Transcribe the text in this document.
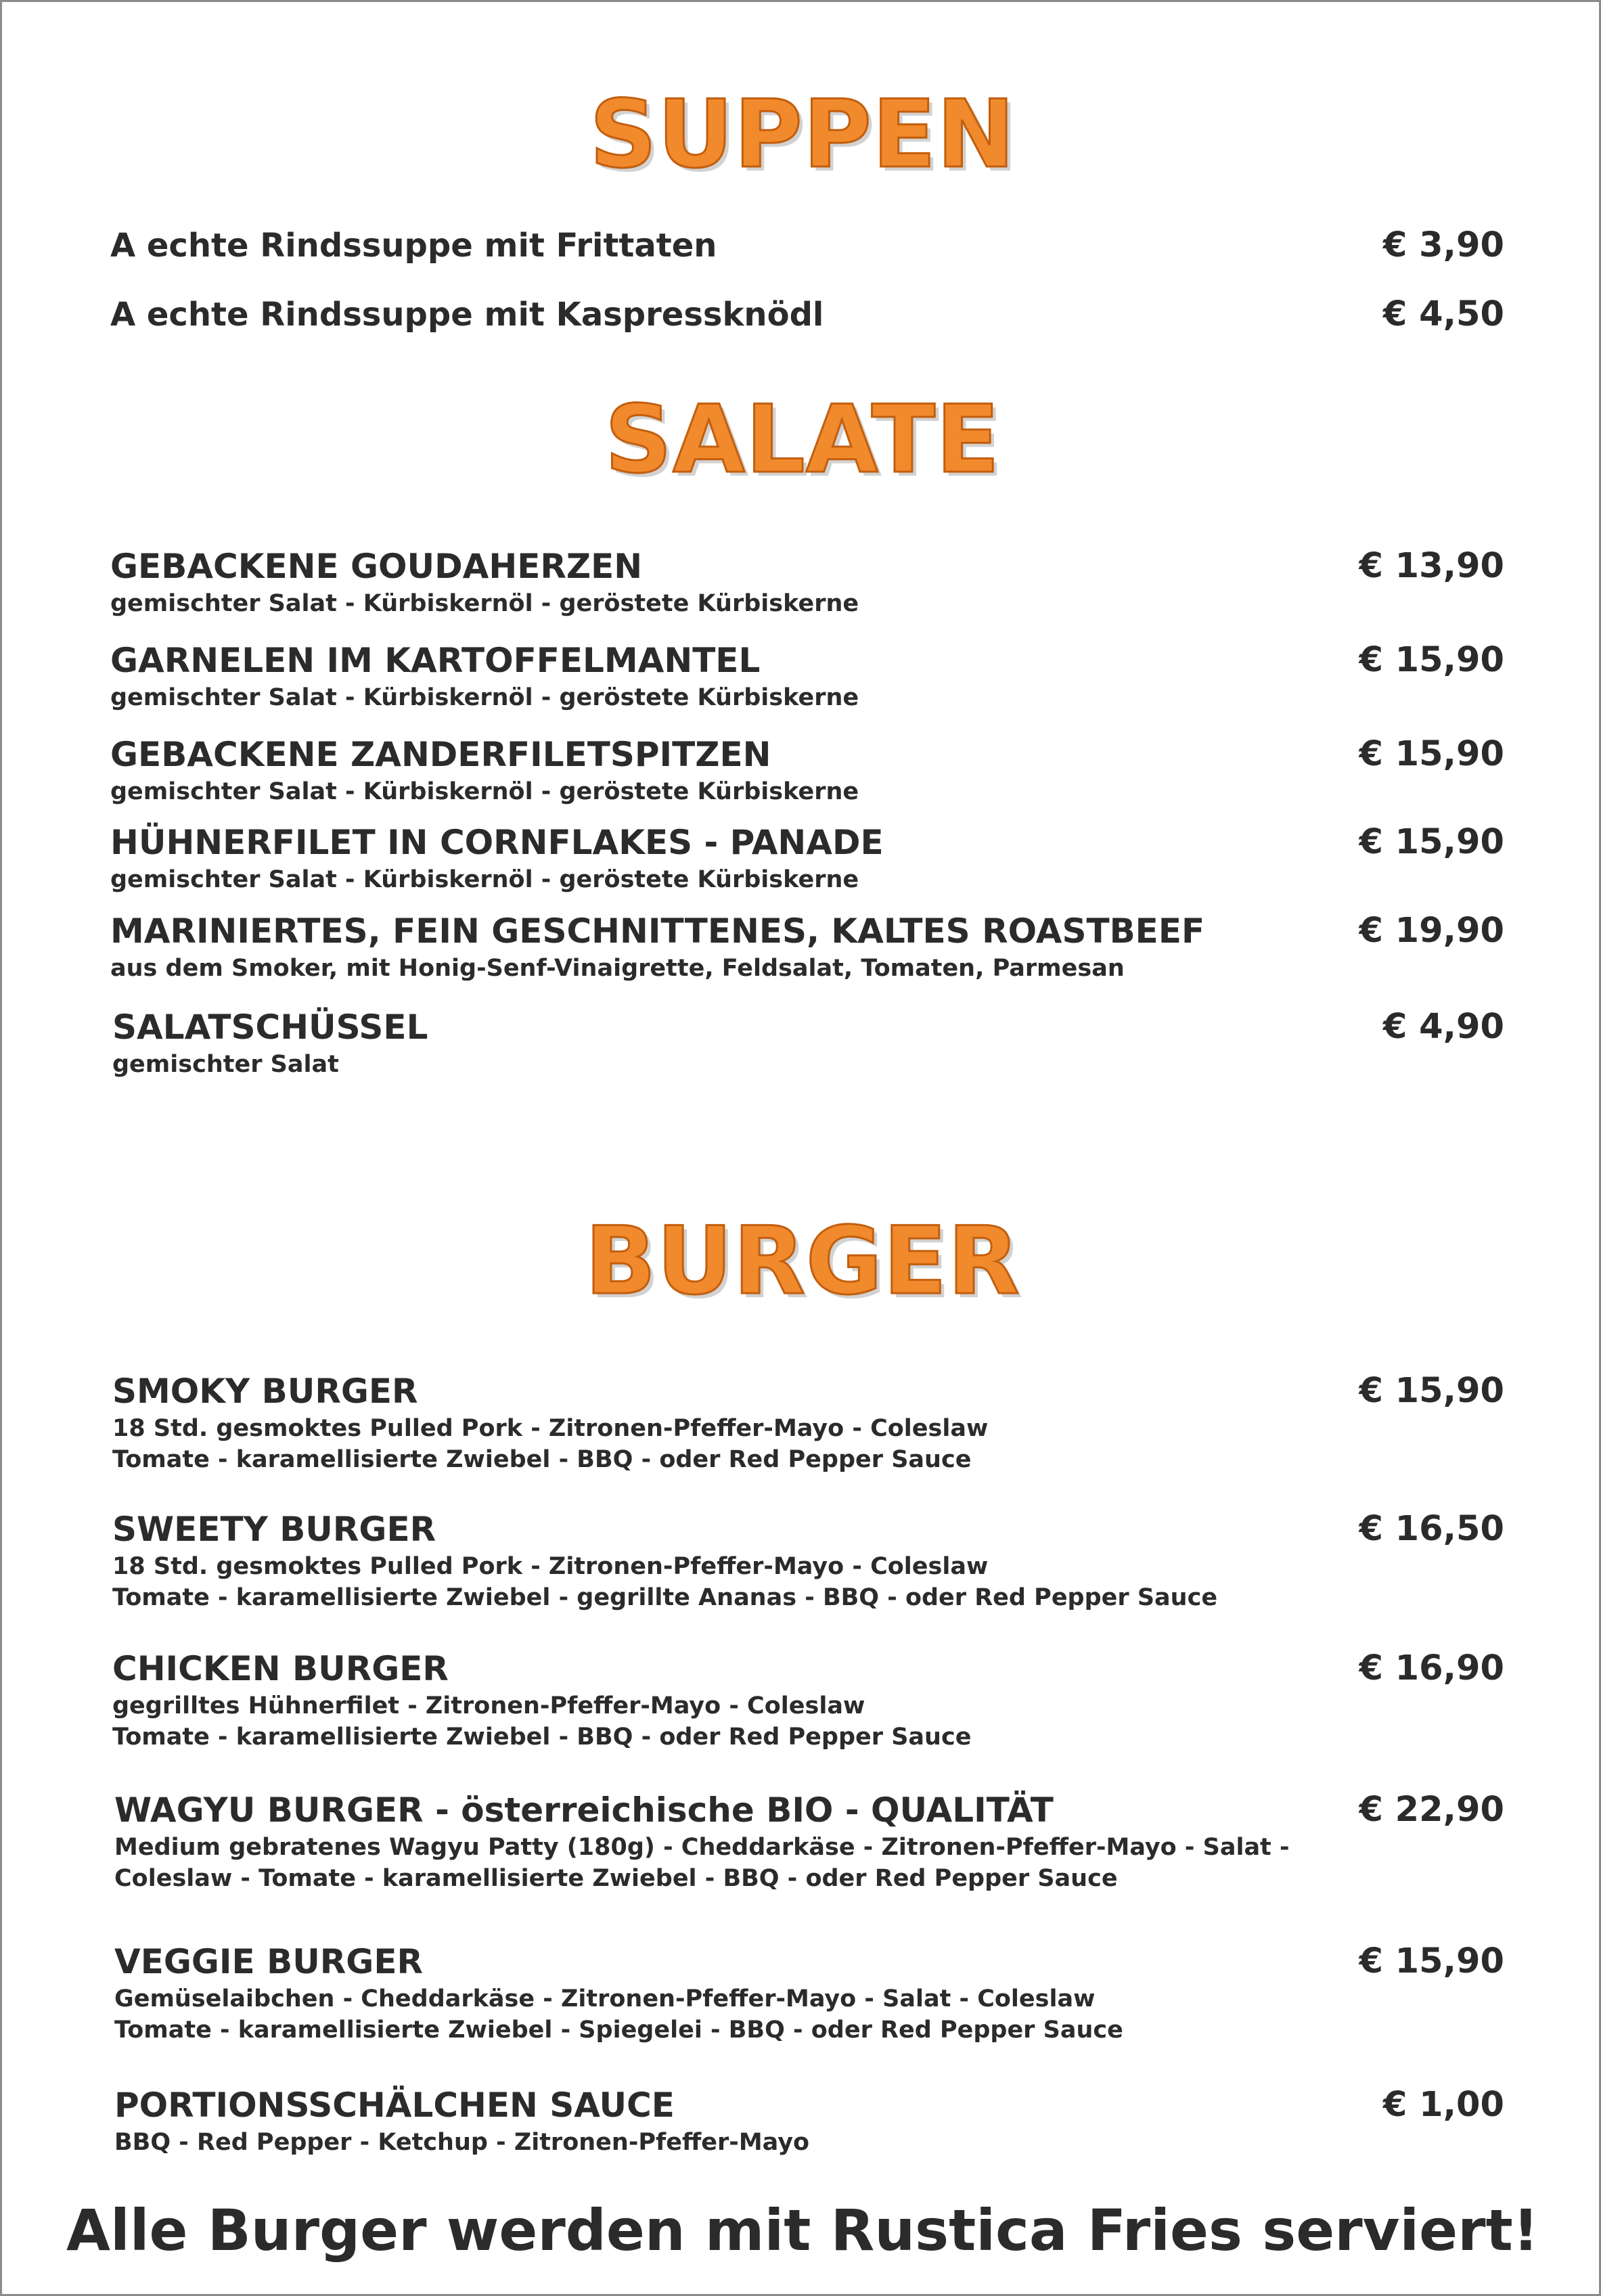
SUPPEN
A echte Rindssuppe mit Frittaten	€ 3,90
A echte Rindssuppe mit Kaspressknödl	€ 4,50
SALATE
GEBACKENE GOUDAHERZEN
gemischter Salat - Kürbiskernöl - geröstete Kürbiskerne
€ 13,90
GARNELEN IM KARTOFFELMANTEL
gemischter Salat - Kürbiskernöl - geröstete Kürbiskerne
€ 15,90
GEBACKENE ZANDERFILETSPITZEN
gemischter Salat - Kürbiskernöl - geröstete Kürbiskerne
€ 15,90
HÜHNERFILET IN CORNFLAKES - PANADE
gemischter Salat - Kürbiskernöl - geröstete Kürbiskerne
€ 15,90
MARINIERTES, FEIN GESCHNITTENES, KALTES ROASTBEEF
aus dem Smoker, mit Honig-Senf-Vinaigrette, Feldsalat, Tomaten, Parmesan
€ 19,90
SALATSCHÜSSEL
gemischter Salat
€ 4,90
BURGER
SMOKY BURGER
18 Std. gesmoktes Pulled Pork - Zitronen-Pfeffer-Mayo - Coleslaw
Tomate - karamellisierte Zwiebel - BBQ - oder Red Pepper Sauce
€ 15,90
SWEETY BURGER
18 Std. gesmoktes Pulled Pork - Zitronen-Pfeffer-Mayo - Coleslaw
Tomate - karamellisierte Zwiebel - gegrillte Ananas - BBQ - oder Red Pepper Sauce
€ 16,50
CHICKEN BURGER
gegrilltes Hühnerfilet - Zitronen-Pfeffer-Mayo - Coleslaw
Tomate - karamellisierte Zwiebel - BBQ - oder Red Pepper Sauce
€ 16,90
WAGYU BURGER - österreichische BIO - QUALITÄT
Medium gebratenes Wagyu Patty (180g) - Cheddarkäse - Zitronen-Pfeffer-Mayo - Salat -
Coleslaw - Tomate - karamellisierte Zwiebel - BBQ - oder Red Pepper Sauce
€ 22,90
VEGGIE BURGER
Gemüselaibchen - Cheddarkäse - Zitronen-Pfeffer-Mayo - Salat - Coleslaw
Tomate - karamellisierte Zwiebel - Spiegelei - BBQ - oder Red Pepper Sauce
€ 15,90
PORTIONSSCHÄLCHEN SAUCE
BBQ - Red Pepper - Ketchup - Zitronen-Pfeffer-Mayo
€ 1,00
Alle Burger werden mit Rustica Fries serviert!
